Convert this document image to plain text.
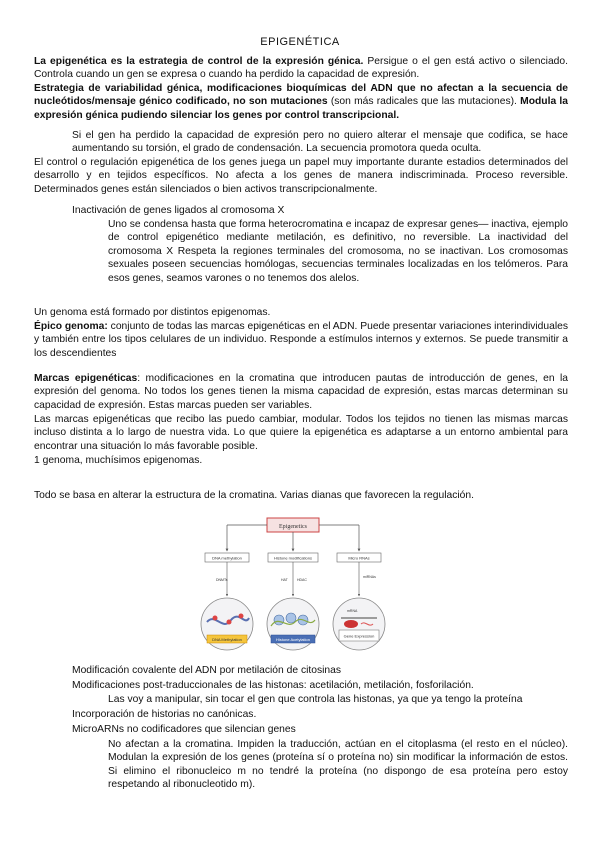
EPIGENÉTICA

La epigenética es la estrategia de control de la expresión génica. Persigue o el gen está activo o silenciado. Controla cuando un gen se expresa o cuando ha perdido la capacidad de expresión.
Estrategia de variabilidad génica, modificaciones bioquímicas del ADN que no afectan a la secuencia de nucleótidos/mensaje génico codificado, no son mutaciones (son más radicales que las mutaciones). Modula la expresión génica pudiendo silenciar los genes por control transcripcional.

Si el gen ha perdido la capacidad de expresión pero no quiero alterar el mensaje que codifica, se hace aumentando su torsión, el grado de condensación. La secuencia promotora queda oculta.

El control o regulación epigenética de los genes juega un papel muy importante durante estadios determinados del desarrollo y en tejidos específicos. No afecta a los genes de manera indiscriminada. Proceso reversible. Determinados genes están silenciados o bien activos transcripcionalmente.

Inactivación de genes ligados al cromosoma X

Uno se condensa hasta que forma heterocromatina e incapaz de expresar genes— inactiva, ejemplo de control epigenético mediante metilación, es definitivo, no reversible. La inactividad del cromosoma X Respeta la regiones terminales del cromosoma, no se inactivan. Los cromosomas sexuales poseen secuencias homólogas, secuencias terminales localizadas en los telómeros. Para esos genes, seamos varones o no tenemos dos alelos.

Un genoma está formado por distintos epigenomas.

Épico genoma: conjunto de todas las marcas epigenéticas en el ADN. Puede presentar variaciones interindividuales y también entre los tipos celulares de un individuo. Responde a estímulos internos y externos. Se puede transmitir a los descendientes

Marcas epigenéticas: modificaciones en la cromatina que introducen pautas de introducción de genes, en la expresión del genoma. No todos los genes tienen la misma capacidad de expresión, estas marcas determinan su capacidad de expresión. Estas marcas pueden ser variables.

Las marcas epigenéticas que recibo las puedo cambiar, modular. Todos los tejidos no tienen las mismas marcas incluso distinta a lo largo de nuestra vida. Lo que quiere la epigenética es adaptarse a un entorno ambiental para encontrar una situación lo más favorable posible.

1 genoma, muchísimos epigenomas.

Todo se basa en alterar la estructura de la cromatina. Varias dianas que favorecen la regulación.

Epigenetics
DNA methylation	Histone modifications	Micro RNAs
DNMTs	HAT	HDAC
miRNAs
DNA Methylation	Histone Acetylation
mRNA
Gene Expression

Modificación covalente del ADN por metilación de citosinas

Modificaciones post-traduccionales de las histonas: acetilación, metilación, fosforilación.

Las voy a manipular, sin tocar el gen que controla las histonas, ya que ya tengo la proteína

Incorporación de historias no canónicas.

MicroARNs no codificadores que silencian genes

No afectan a la cromatina. Impiden la traducción, actúan en el citoplasma (el resto en el núcleo). Modulan la expresión de los genes (proteína sí o proteína no) sin modificar la información de estos. Si elimino el ribonucleico m no tendré la proteína (no dispongo de esa proteína pero estoy respetando al ribonucleotido m).
